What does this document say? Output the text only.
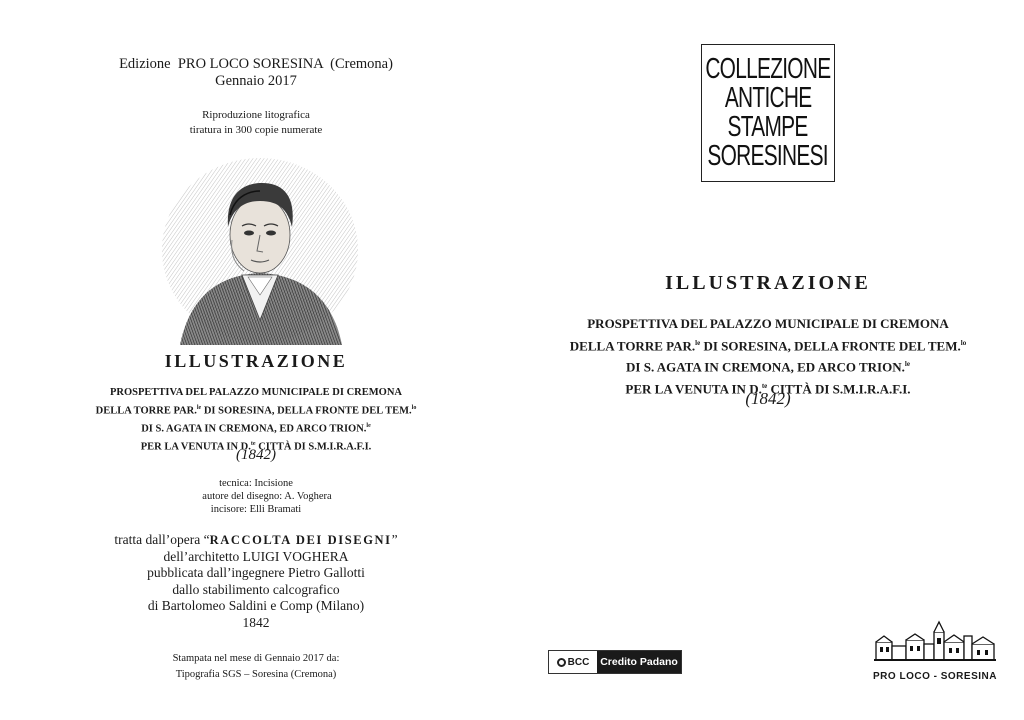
Edizione  PRO LOCO SORESINA  (Cremona)
Gennaio 2017
Riproduzione litografica
tiratura in 300 copie numerate
ILLUSTRAZIONE
PROSPETTIVA DEL PALAZZO MUNICIPALE DI CREMONA
DELLA TORRE PAR.$^{le}$ DI SORESINA, DELLA FRONTE DEL TEM.$^{lo}$
DI S. AGATA IN CREMONA, ED ARCO TRION.$^{le}$
PER LA VENUTA IN D.$^{te}$ CITTÀ DI S.M.I.R.A.F.I.
(1842)
tecnica: Incisione
autore del disegno: A. Voghera
incisore: Elli Bramati
tratta dall’opera “RACCOLTA DEI DISEGNI”
dell’architetto LUIGI VOGHERA
pubblicata dall’ingegnere Pietro Gallotti
dallo stabilimento calcografico
di Bartolomeo Saldini e Comp (Milano)
1842
Stampata nel mese di Gennaio 2017 da:
Tipografia SGS – Soresina (Cremona)
COLLEZIONE
ANTICHE
STAMPE
SORESINESI
ILLUSTRAZIONE
PROSPETTIVA DEL PALAZZO MUNICIPALE DI CREMONA
DELLA TORRE PAR.$^{le}$ DI SORESINA, DELLA FRONTE DEL TEM.$^{lo}$
DI S. AGATA IN CREMONA, ED ARCO TRION.$^{le}$
PER LA VENUTA IN D.$^{te}$ CITTÀ DI S.M.I.R.A.F.I.
(1842)
BCC	Credito Padano
PRO LOCO - SORESINA
